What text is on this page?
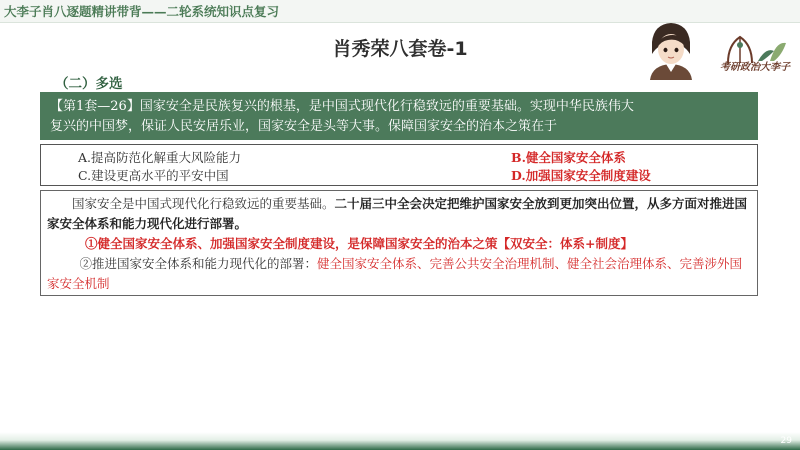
大李子肖八逐题精讲带背——二轮系统知识点复习
肖秀荣八套卷-1
考研政治大李子
（二）多选
【第1套—26】国家安全是民族复兴的根基，是中国式现代化行稳致远的重要基础。实现中华民族伟大
复兴的中国梦，保证人民安居乐业，国家安全是头等大事。保障国家安全的治本之策在于
A.提高防范化解重大风险能力	B.健全国家安全体系
C.建设更高水平的平安中国	D.加强国家安全制度建设
国家安全是中国式现代化行稳致远的重要基础。二十届三中全会决定把维护国家安全放到更加突出位置，从多方面对推进国家安全体系和能力现代化进行部署。
①健全国家安全体系、加强国家安全制度建设，是保障国家安全的治本之策【双安全：体系+制度】
②推进国家安全体系和能力现代化的部署：健全国家安全体系、完善公共安全治理机制、健全社会治理体系、完善涉外国家安全机制
29
